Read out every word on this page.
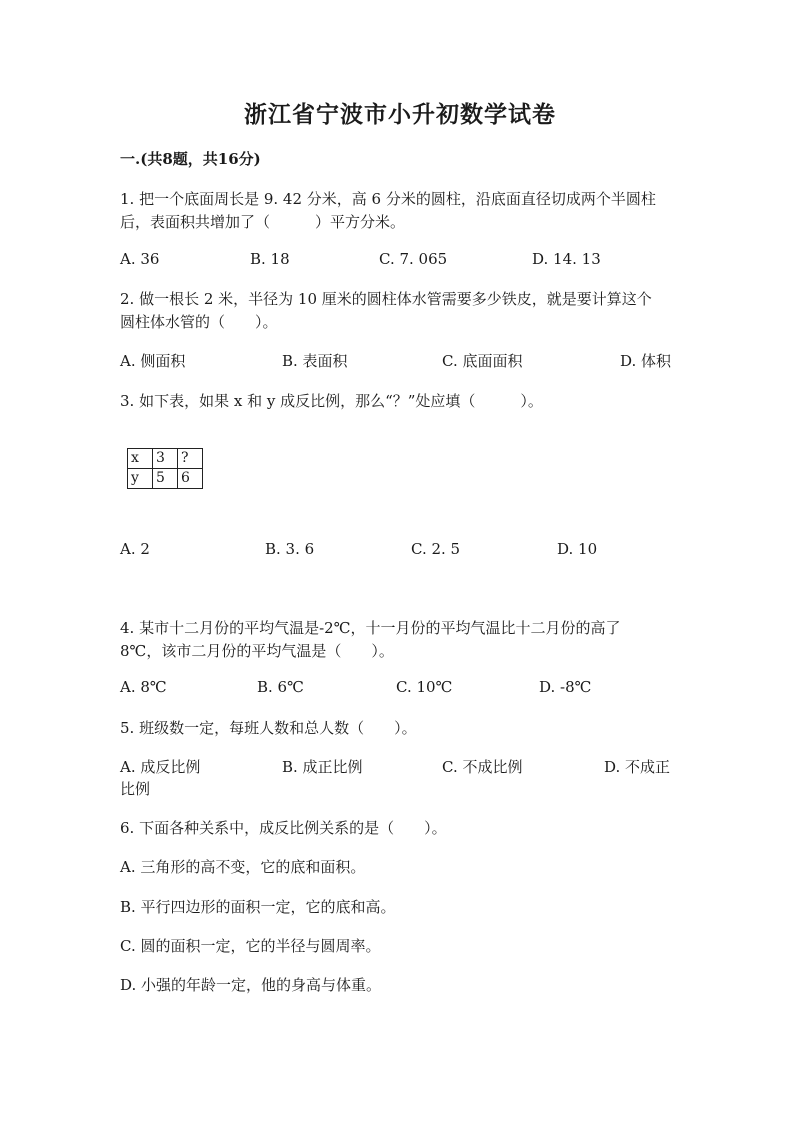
浙江省宁波市小升初数学试卷
一.(共8题，共16分)
1. 把一个底面周长是 9. 42 分米，高 6 分米的圆柱，沿底面直径切成两个半圆柱
后，表面积共增加了（　　　）平方分米。
A. 36	B. 18	C. 7. 065	D. 14. 13
2. 做一根长 2 米，半径为 10 厘米的圆柱体水管需要多少铁皮，就是要计算这个
圆柱体水管的（　　）。
A. 侧面积	B. 表面积	C. 底面面积	D. 体积
3. 如下表，如果 x 和 y 成反比例，那么“？”处应填（　　　）。
x	3	?
y	5	6
A. 2	B. 3. 6	C. 2. 5	D. 10
4. 某市十二月份的平均气温是-2℃，十一月份的平均气温比十二月份的高了
8℃，该市二月份的平均气温是（　　）。
A. 8℃	B. 6℃	C. 10℃	D. -8℃
5. 班级数一定，每班人数和总人数（　　）。
A. 成反比例	B. 成正比例	C. 不成比例	D. 不成正
比例
6. 下面各种关系中，成反比例关系的是（　　）。
A. 三角形的高不变，它的底和面积。
B. 平行四边形的面积一定，它的底和高。
C. 圆的面积一定，它的半径与圆周率。
D. 小强的年龄一定，他的身高与体重。
